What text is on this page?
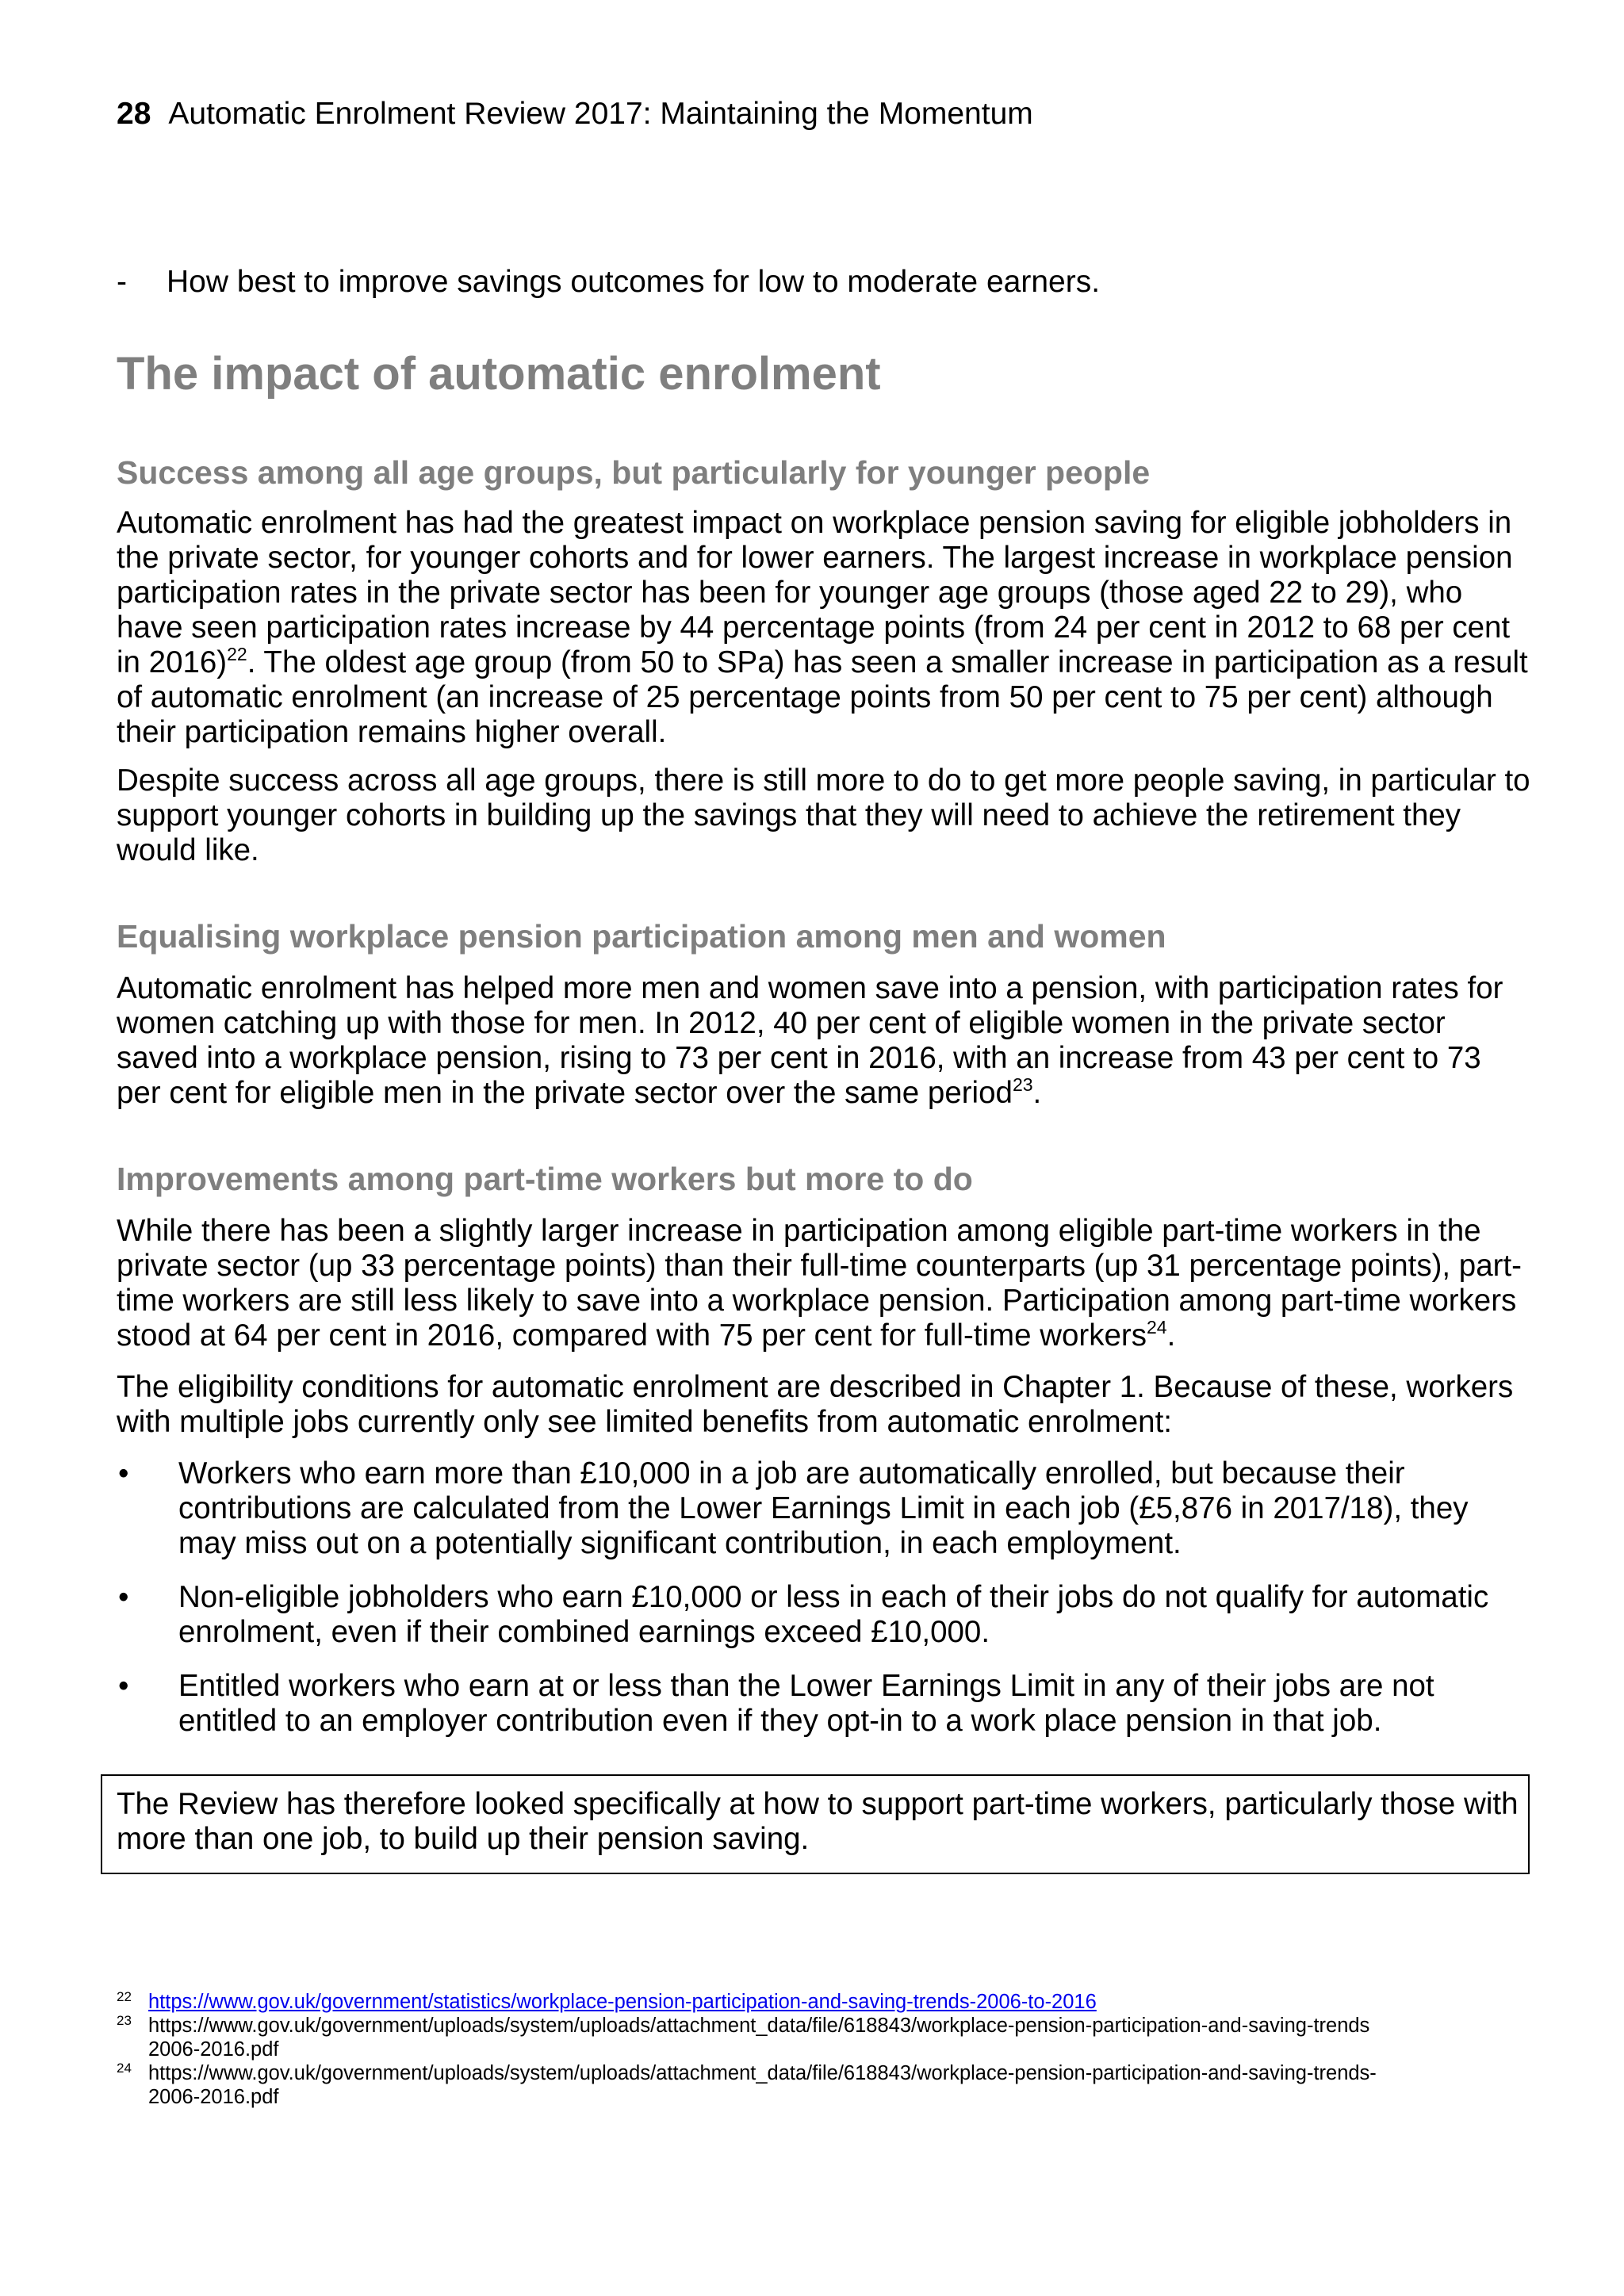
28 Automatic Enrolment Review 2017: Maintaining the Momentum
- How best to improve savings outcomes for low to moderate earners.
The impact of automatic enrolment
Success among all age groups, but particularly for younger people
Automatic enrolment has had the greatest impact on workplace pension saving for eligible jobholders in
the private sector, for younger cohorts and for lower earners. The largest increase in workplace pension
participation rates in the private sector has been for younger age groups (those aged 22 to 29), who
have seen participation rates increase by 44 percentage points (from 24 per cent in 2012 to 68 per cent
in 2016)$^{22}$. The oldest age group (from 50 to SPa) has seen a smaller increase in participation as a result
of automatic enrolment (an increase of 25 percentage points from 50 per cent to 75 per cent) although
their participation remains higher overall.
Despite success across all age groups, there is still more to do to get more people saving, in particular to
support younger cohorts in building up the savings that they will need to achieve the retirement they
would like.
Equalising workplace pension participation among men and women
Automatic enrolment has helped more men and women save into a pension, with participation rates for
women catching up with those for men. In 2012, 40 per cent of eligible women in the private sector
saved into a workplace pension, rising to 73 per cent in 2016, with an increase from 43 per cent to 73
per cent for eligible men in the private sector over the same period$^{23}$.
Improvements among part-time workers but more to do
While there has been a slightly larger increase in participation among eligible part-time workers in the
private sector (up 33 percentage points) than their full-time counterparts (up 31 percentage points), part-
time workers are still less likely to save into a workplace pension. Participation among part-time workers
stood at 64 per cent in 2016, compared with 75 per cent for full-time workers$^{24}$.
The eligibility conditions for automatic enrolment are described in Chapter 1. Because of these, workers
with multiple jobs currently only see limited benefits from automatic enrolment:
• Workers who earn more than £10,000 in a job are automatically enrolled, but because their
contributions are calculated from the Lower Earnings Limit in each job (£5,876 in 2017/18), they
may miss out on a potentially significant contribution, in each employment.
• Non-eligible jobholders who earn £10,000 or less in each of their jobs do not qualify for automatic
enrolment, even if their combined earnings exceed £10,000.
• Entitled workers who earn at or less than the Lower Earnings Limit in any of their jobs are not
entitled to an employer contribution even if they opt-in to a work place pension in that job.
The Review has therefore looked specifically at how to support part-time workers, particularly those with
more than one job, to build up their pension saving.
22 https://www.gov.uk/government/statistics/workplace-pension-participation-and-saving-trends-2006-to-2016
23 https://www.gov.uk/government/uploads/system/uploads/attachment_data/file/618843/workplace-pension-participation-and-saving-trends
2006-2016.pdf
24 https://www.gov.uk/government/uploads/system/uploads/attachment_data/file/618843/workplace-pension-participation-and-saving-trends-
2006-2016.pdf
